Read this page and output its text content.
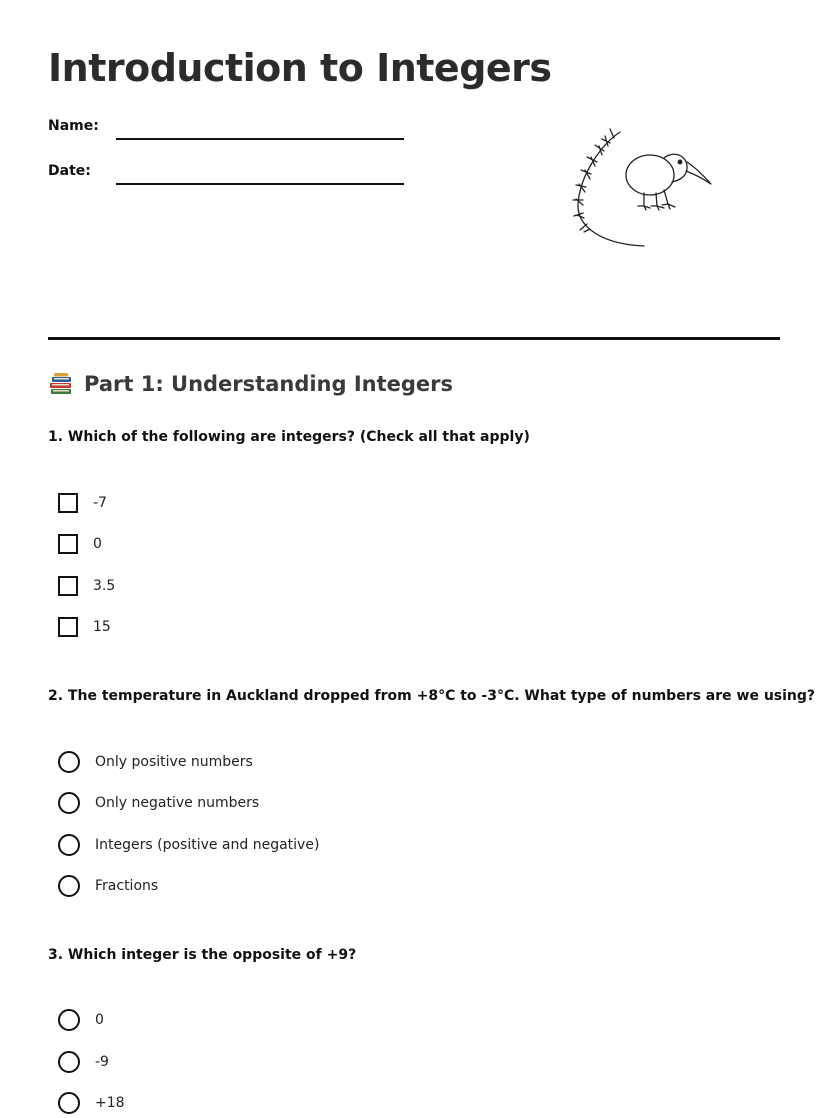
Introduction to Integers
Name:
Date:
Part 1: Understanding Integers

1. Which of the following are integers? (Check all that apply)

-7
0
3.5
15

2. The temperature in Auckland dropped from +8°C to -3°C. What type of numbers are we using?

Only positive numbers
Only negative numbers
Integers (positive and negative)
Fractions

3. Which integer is the opposite of +9?

0
-9
+18
